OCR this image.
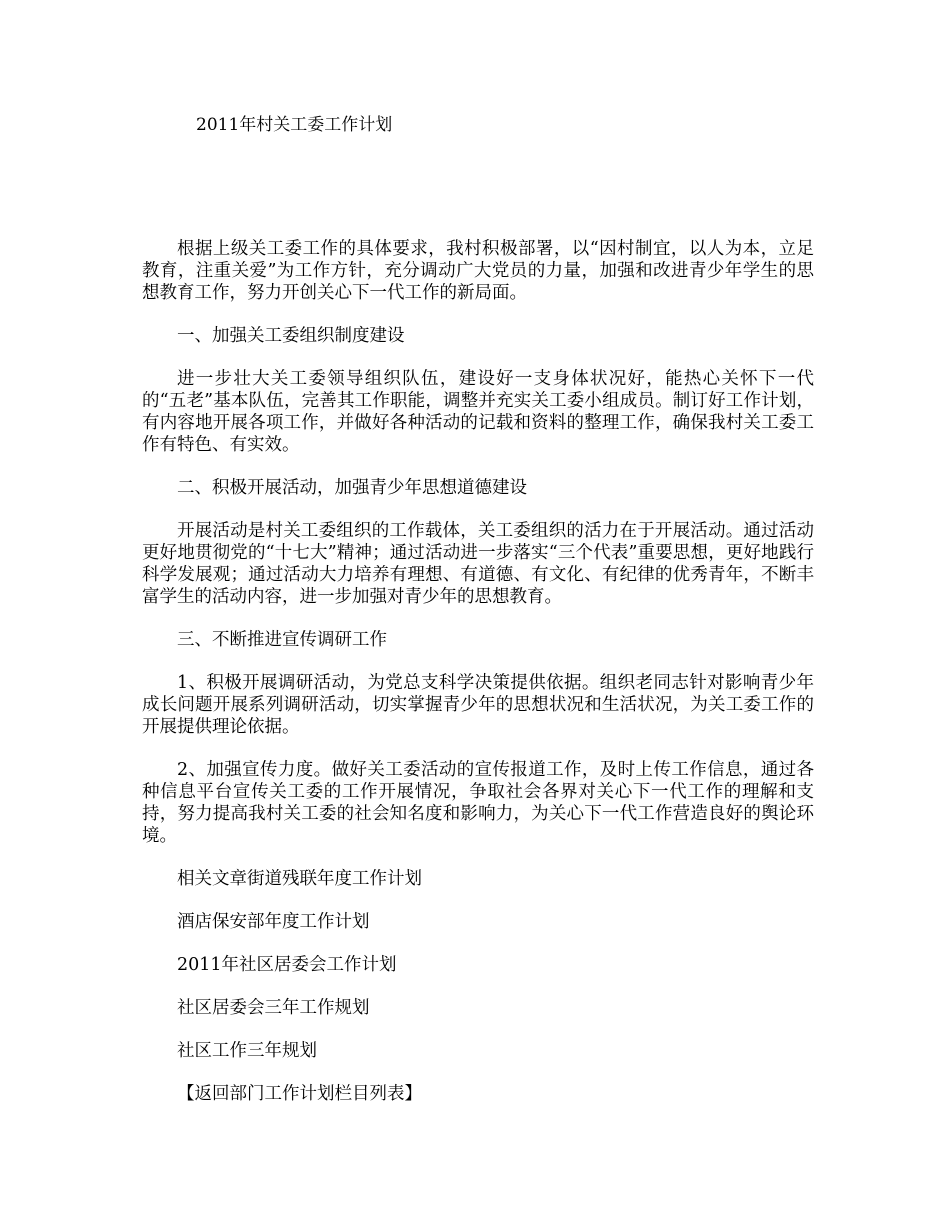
2011年村关工委工作计划

根据上级关工委工作的具体要求，我村积极部署，以“因村制宜，以人为本，立足教育，注重关爱”为工作方针，充分调动广大党员的力量，加强和改进青少年学生的思想教育工作，努力开创关心下一代工作的新局面。

一、加强关工委组织制度建设

进一步壮大关工委领导组织队伍，建设好一支身体状况好，能热心关怀下一代的“五老”基本队伍，完善其工作职能，调整并充实关工委小组成员。制订好工作计划，有内容地开展各项工作，并做好各种活动的记载和资料的整理工作，确保我村关工委工作有特色、有实效。

二、积极开展活动，加强青少年思想道德建设

开展活动是村关工委组织的工作载体，关工委组织的活力在于开展活动。通过活动更好地贯彻党的“十七大”精神；通过活动进一步落实“三个代表”重要思想，更好地践行科学发展观；通过活动大力培养有理想、有道德、有文化、有纪律的优秀青年，不断丰富学生的活动内容，进一步加强对青少年的思想教育。

三、不断推进宣传调研工作

1、积极开展调研活动，为党总支科学决策提供依据。组织老同志针对影响青少年成长问题开展系列调研活动，切实掌握青少年的思想状况和生活状况，为关工委工作的开展提供理论依据。

2、加强宣传力度。做好关工委活动的宣传报道工作，及时上传工作信息，通过各种信息平台宣传关工委的工作开展情况，争取社会各界对关心下一代工作的理解和支持，努力提高我村关工委的社会知名度和影响力，为关心下一代工作营造良好的舆论环境。

相关文章街道残联年度工作计划

酒店保安部年度工作计划

2011年社区居委会工作计划

社区居委会三年工作规划

社区工作三年规划

【返回部门工作计划栏目列表】
